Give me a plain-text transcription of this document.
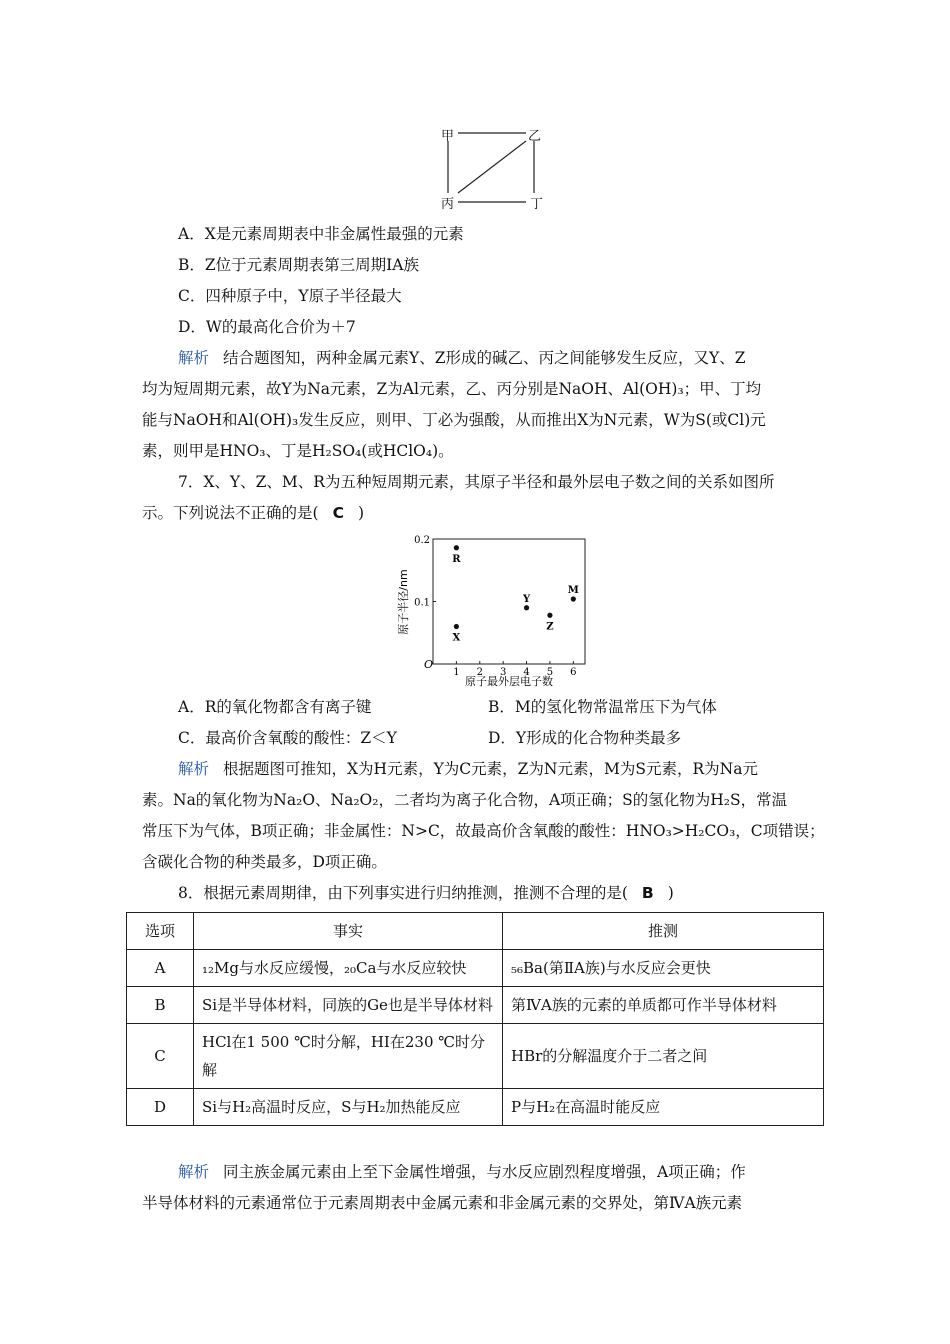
甲	乙
丙	丁
A．X是元素周期表中非金属性最强的元素
B．Z位于元素周期表第三周期ⅠA族
C．四种原子中，Y原子半径最大
D．W的最高化合价为＋7
解析 结合题图知，两种金属元素Y、Z形成的碱乙、丙之间能够发生反应，又Y、Z
均为短周期元素，故Y为Na元素，Z为Al元素，乙、丙分别是NaOH、Al(OH)₃；甲、丁均
能与NaOH和Al(OH)₃发生反应，则甲、丁必为强酸，从而推出X为N元素，W为S(或Cl)元
素，则甲是HNO₃、丁是H₂SO₄(或HClO₄)。
7．X、Y、Z、M、R为五种短周期元素，其原子半径和最外层电子数之间的关系如图所
示。下列说法不正确的是( C )
原子半径/nm
原子最外层电子数
O
1 2 3 4 5 6
0.1
0.2
R
X
Y
Z
M
A．R的氧化物都含有离子键	B．M的氢化物常温常压下为气体
C．最高价含氧酸的酸性：Z＜Y	D．Y形成的化合物种类最多
解析 根据题图可推知，X为H元素，Y为C元素，Z为N元素，M为S元素，R为Na元
素。Na的氧化物为Na₂O、Na₂O₂，二者均为离子化合物，A项正确；S的氢化物为H₂S，常温
常压下为气体，B项正确；非金属性：N>C，故最高价含氧酸的酸性：HNO₃>H₂CO₃，C项错误；
含碳化合物的种类最多，D项正确。
8．根据元素周期律，由下列事实进行归纳推测，推测不合理的是( B )
选项	事实	推测
A	₁₂Mg与水反应缓慢，₂₀Ca与水反应较快	₅₆Ba(第ⅡA族)与水反应会更快
B	Si是半导体材料，同族的Ge也是半导体材料	第ⅣA族的元素的单质都可作半导体材料
C	HCl在1 500 ℃时分解，HI在230 ℃时分解	HBr的分解温度介于二者之间
D	Si与H₂高温时反应，S与H₂加热能反应	P与H₂在高温时能反应
解析 同主族金属元素由上至下金属性增强，与水反应剧烈程度增强，A项正确；作
半导体材料的元素通常位于元素周期表中金属元素和非金属元素的交界处，第ⅣA族元素
